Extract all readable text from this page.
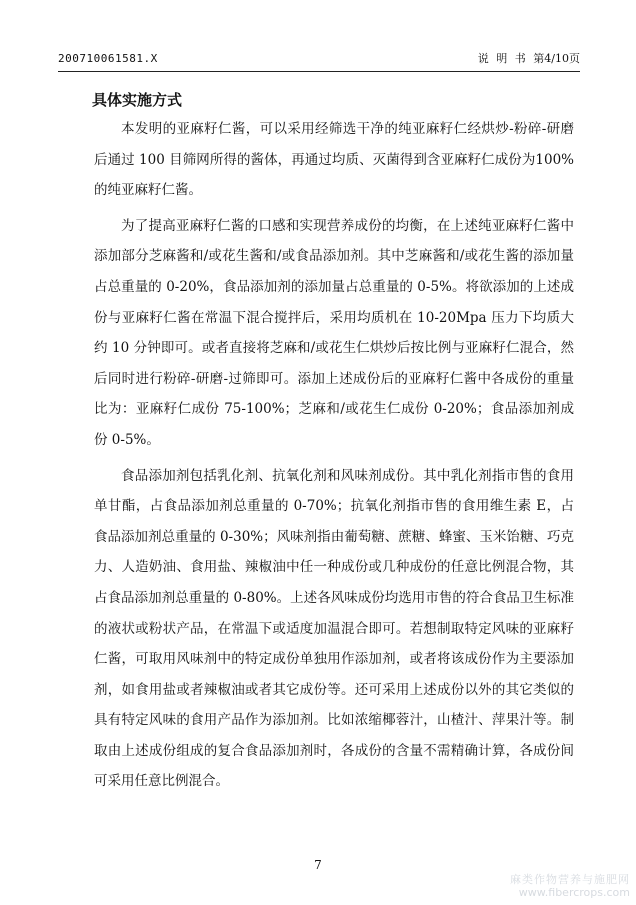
200710061581.X	说 明 书 第4/10页
具体实施方式

本发明的亚麻籽仁酱，可以采用经筛选干净的纯亚麻籽仁经烘炒-粉碎-研磨后通过 100 目筛网所得的酱体，再通过均质、灭菌得到含亚麻籽仁成份为100%的纯亚麻籽仁酱。

为了提高亚麻籽仁酱的口感和实现营养成份的均衡，在上述纯亚麻籽仁酱中添加部分芝麻酱和/或花生酱和/或食品添加剂。其中芝麻酱和/或花生酱的添加量占总重量的 0-20%，食品添加剂的添加量占总重量的 0-5%。将欲添加的上述成份与亚麻籽仁酱在常温下混合搅拌后，采用均质机在 10-20Mpa 压力下均质大约 10 分钟即可。或者直接将芝麻和/或花生仁烘炒后按比例与亚麻籽仁混合，然后同时进行粉碎-研磨-过筛即可。添加上述成份后的亚麻籽仁酱中各成份的重量比为：亚麻籽仁成份 75-100%；芝麻和/或花生仁成份 0-20%；食品添加剂成份 0-5%。

食品添加剂包括乳化剂、抗氧化剂和风味剂成份。其中乳化剂指市售的食用单甘酯，占食品添加剂总重量的 0-70%；抗氧化剂指市售的食用维生素 E，占食品添加剂总重量的 0-30%；风味剂指由葡萄糖、蔗糖、蜂蜜、玉米饴糖、巧克力、人造奶油、食用盐、辣椒油中任一种成份或几种成份的任意比例混合物，其占食品添加剂总重量的 0-80%。上述各风味成份均选用市售的符合食品卫生标准的液状或粉状产品，在常温下或适度加温混合即可。若想制取特定风味的亚麻籽仁酱，可取用风味剂中的特定成份单独用作添加剂，或者将该成份作为主要添加剂，如食用盐或者辣椒油或者其它成份等。还可采用上述成份以外的其它类似的具有特定风味的食用产品作为添加剂。比如浓缩椰蓉汁，山楂汁、萍果汁等。制取由上述成份组成的复合食品添加剂时，各成份的含量不需精确计算，各成份间可采用任意比例混合。

7
麻类作物营养与施肥网
www.fibercrops.com
